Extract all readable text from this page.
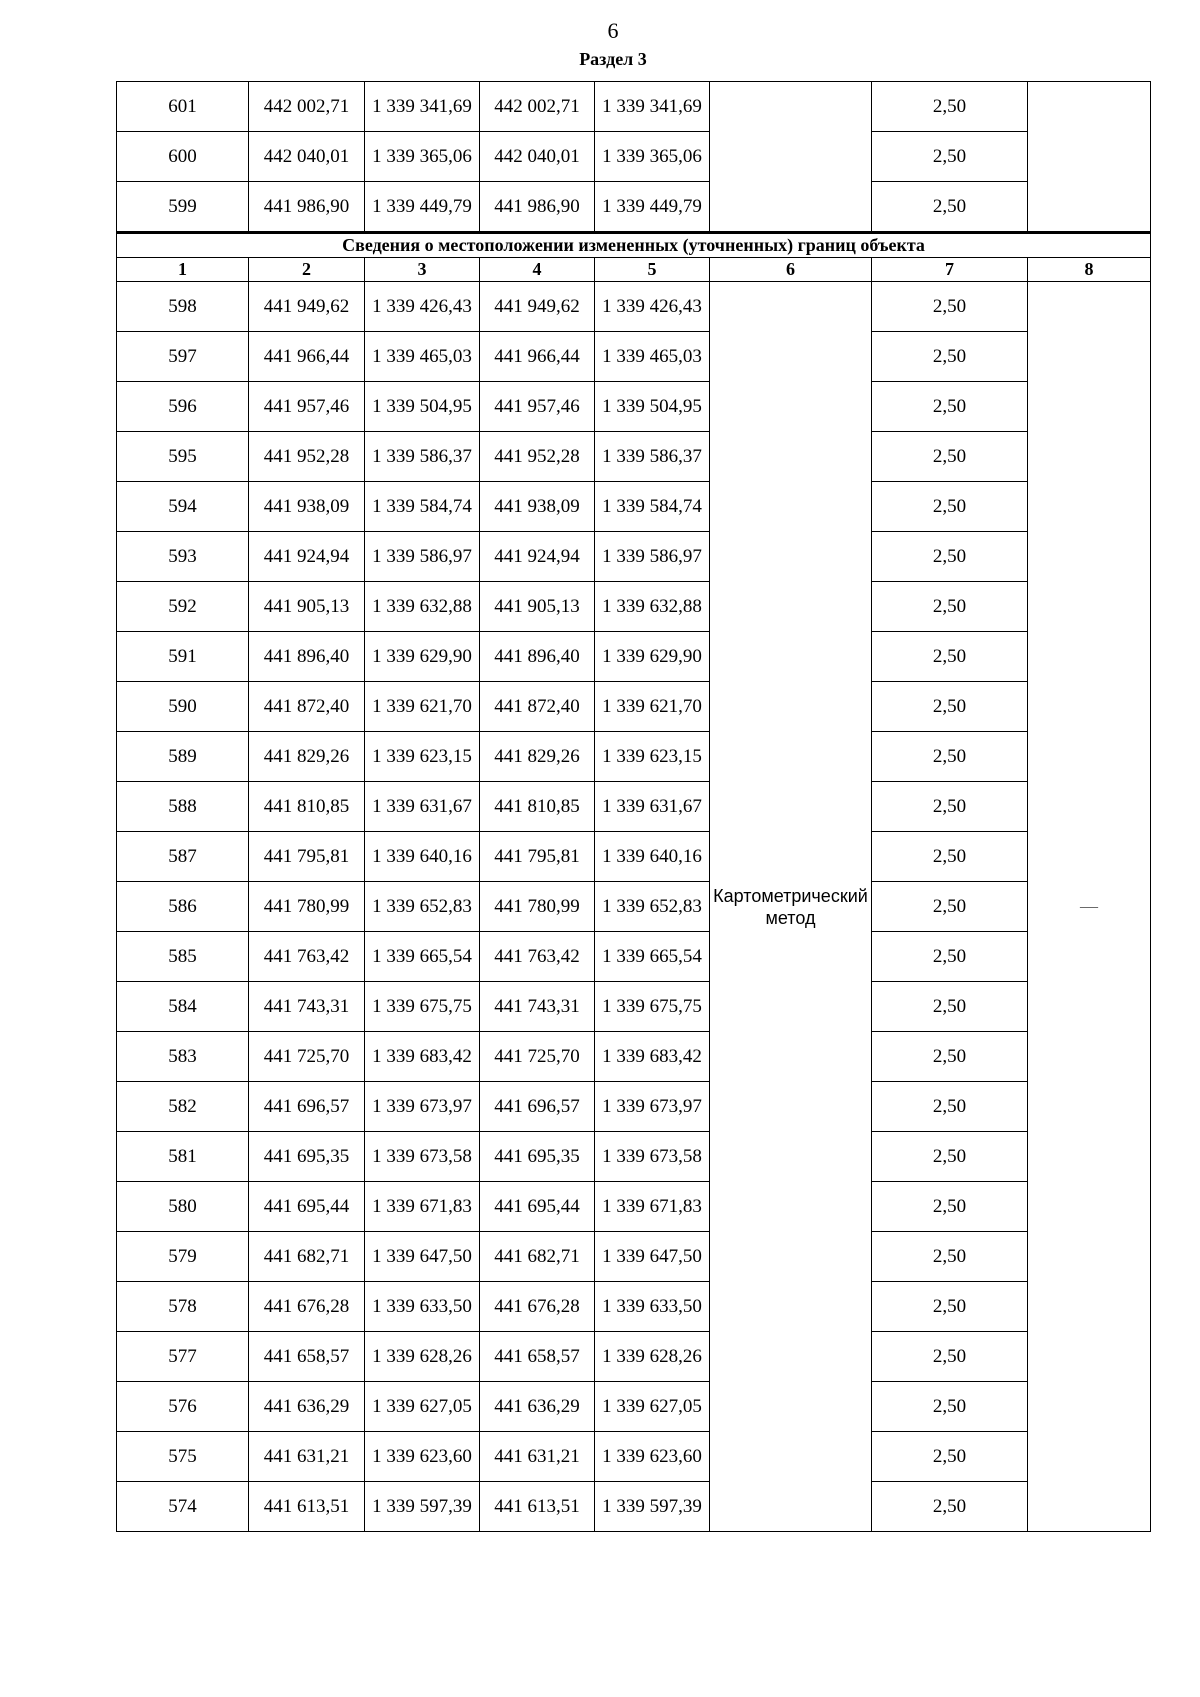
6
Раздел 3
601	442 002,71	1 339 341,69	442 002,71	1 339 341,69		2,50	
600	442 040,01	1 339 365,06	442 040,01	1 339 365,06		2,50	
599	441 986,90	1 339 449,79	441 986,90	1 339 449,79		2,50	
Сведения о местоположении измененных (уточненных) границ объекта							
1	2	3	4	5	6	7	8
598	441 949,62	1 339 426,43	441 949,62	1 339 426,43	Картометрический метод	2,50	—
597	441 966,44	1 339 465,03	441 966,44	1 339 465,03		2,50	
596	441 957,46	1 339 504,95	441 957,46	1 339 504,95		2,50	
595	441 952,28	1 339 586,37	441 952,28	1 339 586,37		2,50	
594	441 938,09	1 339 584,74	441 938,09	1 339 584,74		2,50	
593	441 924,94	1 339 586,97	441 924,94	1 339 586,97		2,50	
592	441 905,13	1 339 632,88	441 905,13	1 339 632,88		2,50	
591	441 896,40	1 339 629,90	441 896,40	1 339 629,90		2,50	
590	441 872,40	1 339 621,70	441 872,40	1 339 621,70		2,50	
589	441 829,26	1 339 623,15	441 829,26	1 339 623,15		2,50	
588	441 810,85	1 339 631,67	441 810,85	1 339 631,67		2,50	
587	441 795,81	1 339 640,16	441 795,81	1 339 640,16		2,50	
586	441 780,99	1 339 652,83	441 780,99	1 339 652,83		2,50	
585	441 763,42	1 339 665,54	441 763,42	1 339 665,54		2,50	
584	441 743,31	1 339 675,75	441 743,31	1 339 675,75		2,50	
583	441 725,70	1 339 683,42	441 725,70	1 339 683,42		2,50	
582	441 696,57	1 339 673,97	441 696,57	1 339 673,97		2,50	
581	441 695,35	1 339 673,58	441 695,35	1 339 673,58		2,50	
580	441 695,44	1 339 671,83	441 695,44	1 339 671,83		2,50	
579	441 682,71	1 339 647,50	441 682,71	1 339 647,50		2,50	
578	441 676,28	1 339 633,50	441 676,28	1 339 633,50		2,50	
577	441 658,57	1 339 628,26	441 658,57	1 339 628,26		2,50	
576	441 636,29	1 339 627,05	441 636,29	1 339 627,05		2,50	
575	441 631,21	1 339 623,60	441 631,21	1 339 623,60		2,50	
574	441 613,51	1 339 597,39	441 613,51	1 339 597,39		2,50	
